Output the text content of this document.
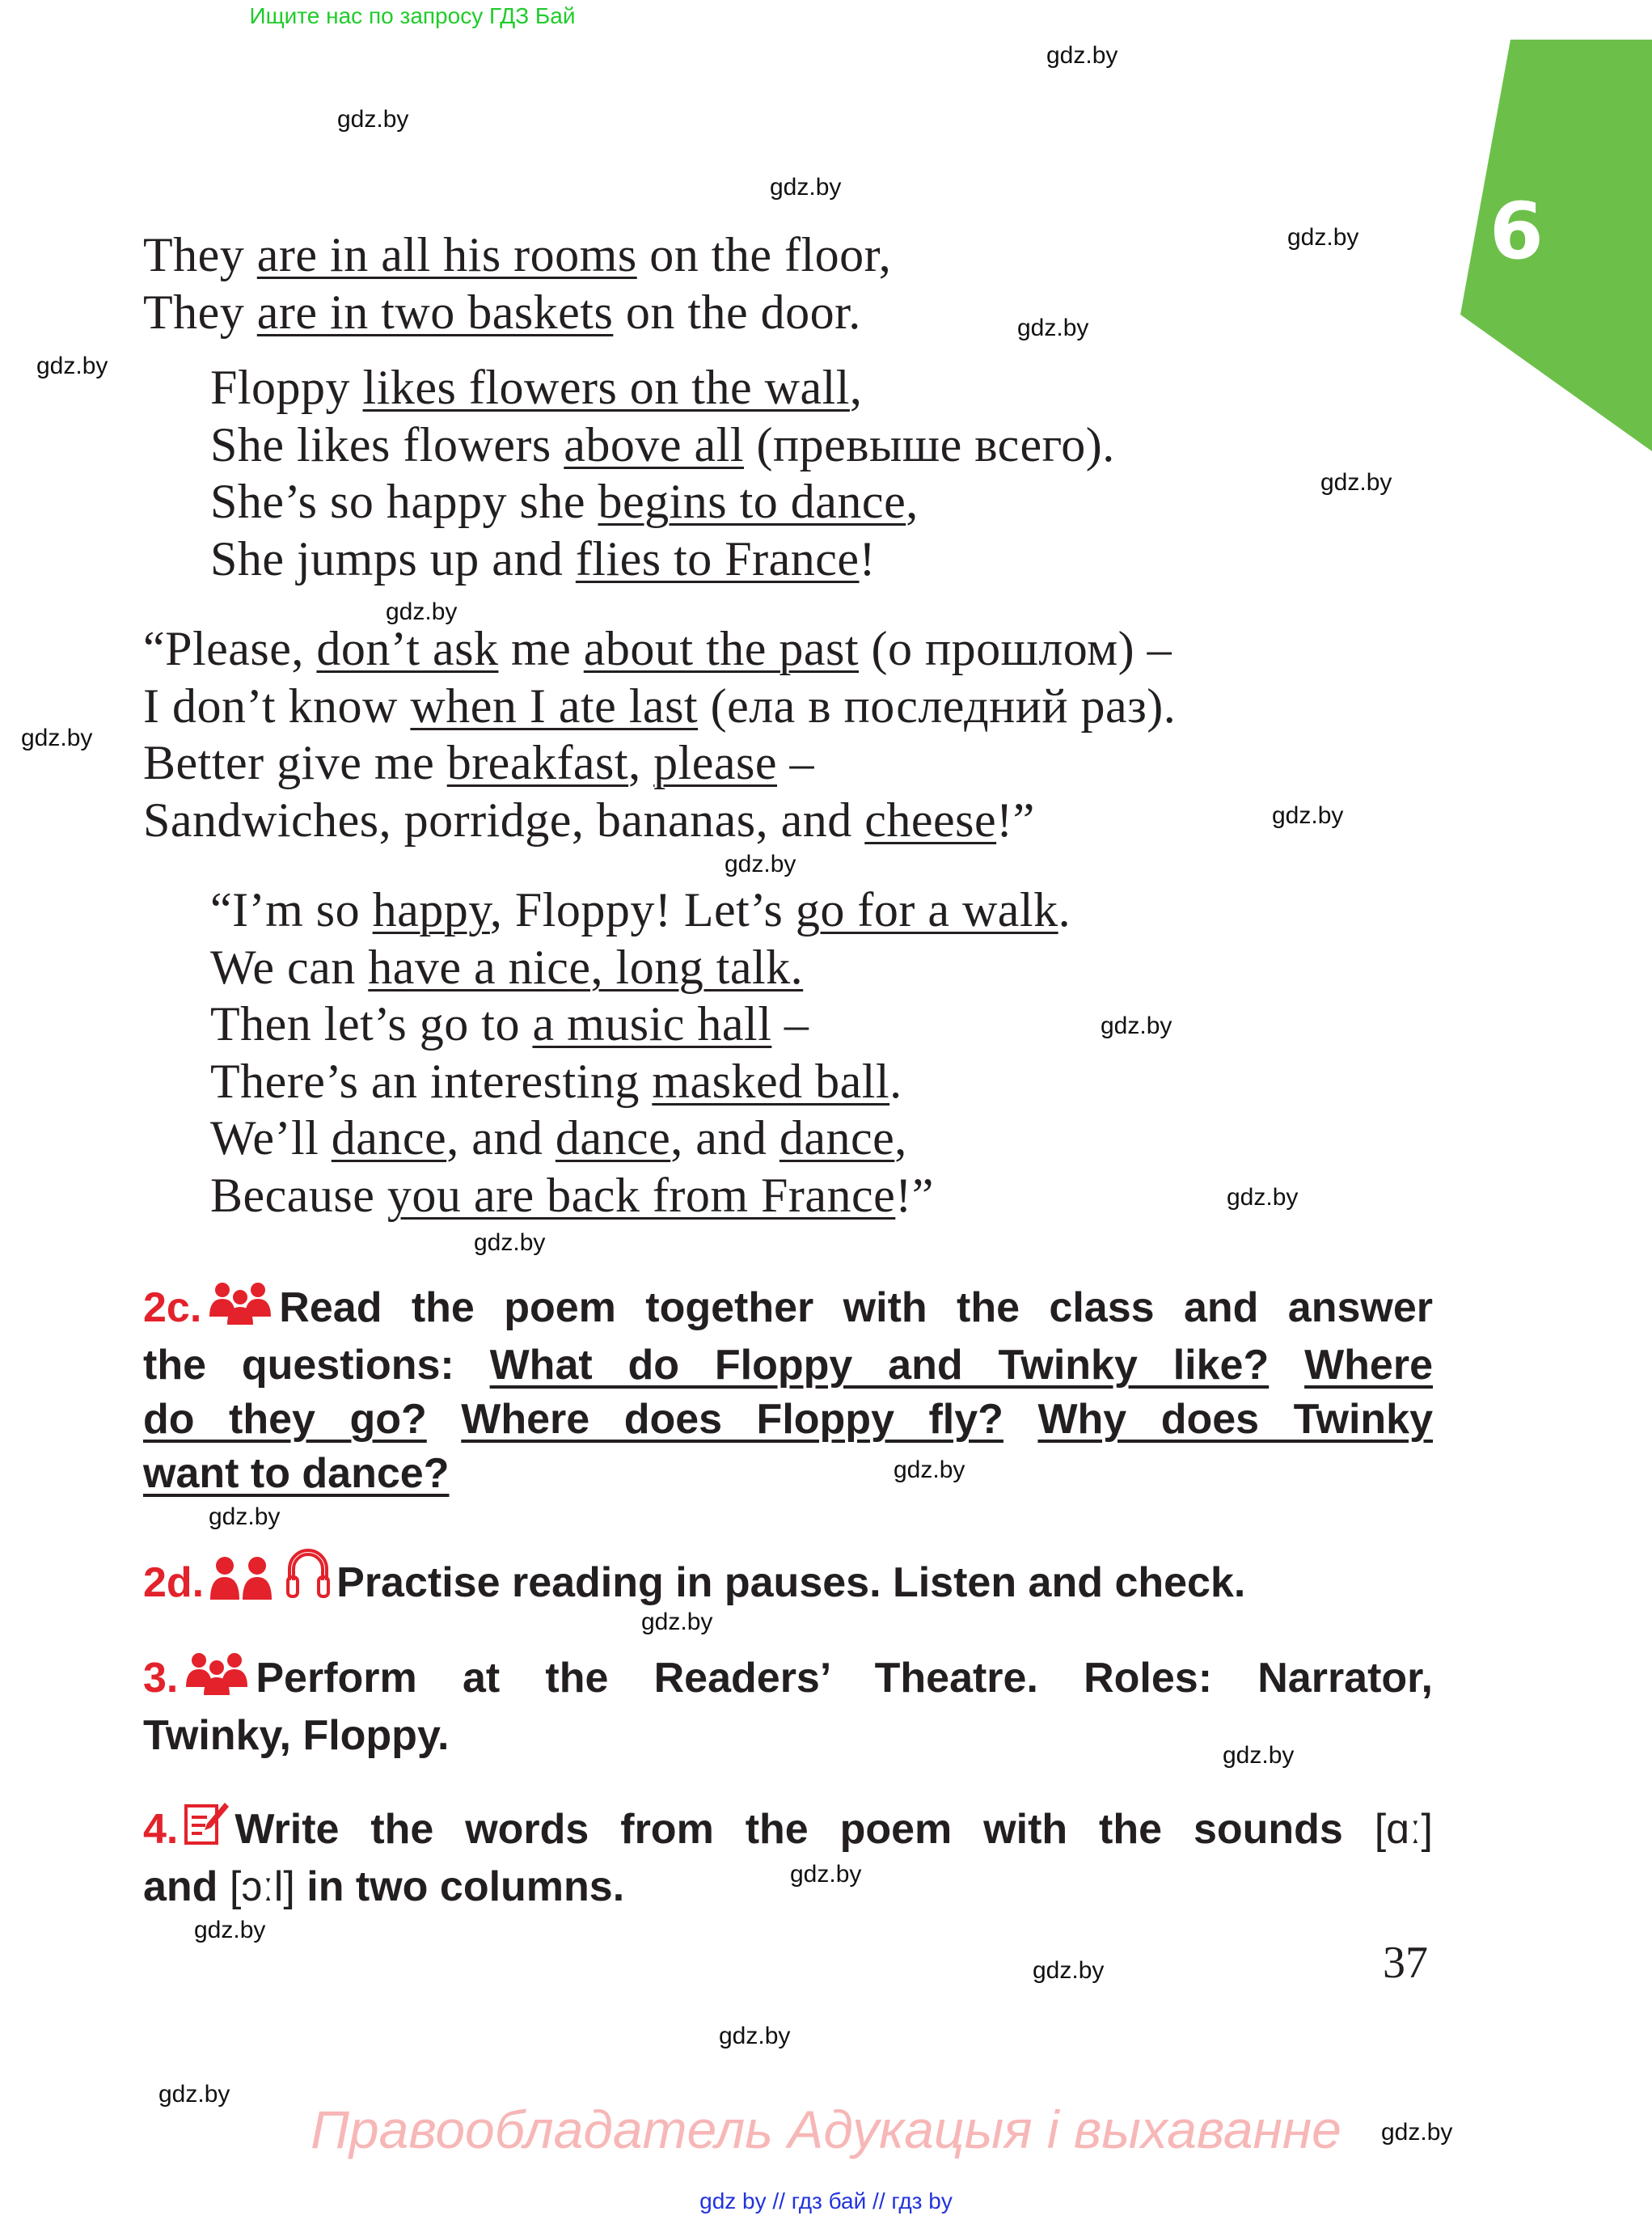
Ищите нас по запросу ГДЗ Бай
6
gdz.by
gdz.by
gdz.by
gdz.by
gdz.by
gdz.by
gdz.by
gdz.by
gdz.by
gdz.by
gdz.by
gdz.by
gdz.by
gdz.by
gdz.by
gdz.by
gdz.by
gdz.by
gdz.by
gdz.by
gdz.by
gdz.by
gdz.by
gdz.by
They are in all his rooms on the floor,
They are in two baskets on the door.
Floppy likes flowers on the wall,
She likes flowers above all (превыше всего).
She’s so happy she begins to dance,
She jumps up and flies to France!
“Please, don’t ask me about the past (о прошлом) –
I don’t know when I ate last (ела в последний раз).
Better give me breakfast, please –
Sandwiches, porridge, bananas, and cheese!”
“I’m so happy, Floppy! Let’s go for a walk.
We can have a nice, long talk.
Then let’s go to a music hall –
There’s an interesting masked ball.
We’ll dance, and dance, and dance,
Because you are back from France!”
2c. Read the poem together with the class and answer
the questions: What do Floppy and Twinky like? Where
do they go? Where does Floppy fly? Why does Twinky
want to dance?
2d.	Practise reading in pauses. Listen and check.
3. Perform at the Readers’ Theatre. Roles: Narrator,
Twinky, Floppy.
4. Write the words from the poem with the sounds [ɑː]
and [ɔːl] in two columns.
37
Правообладатель Адукацыя і выхаванне
gdz by // гдз бай // гдз by
